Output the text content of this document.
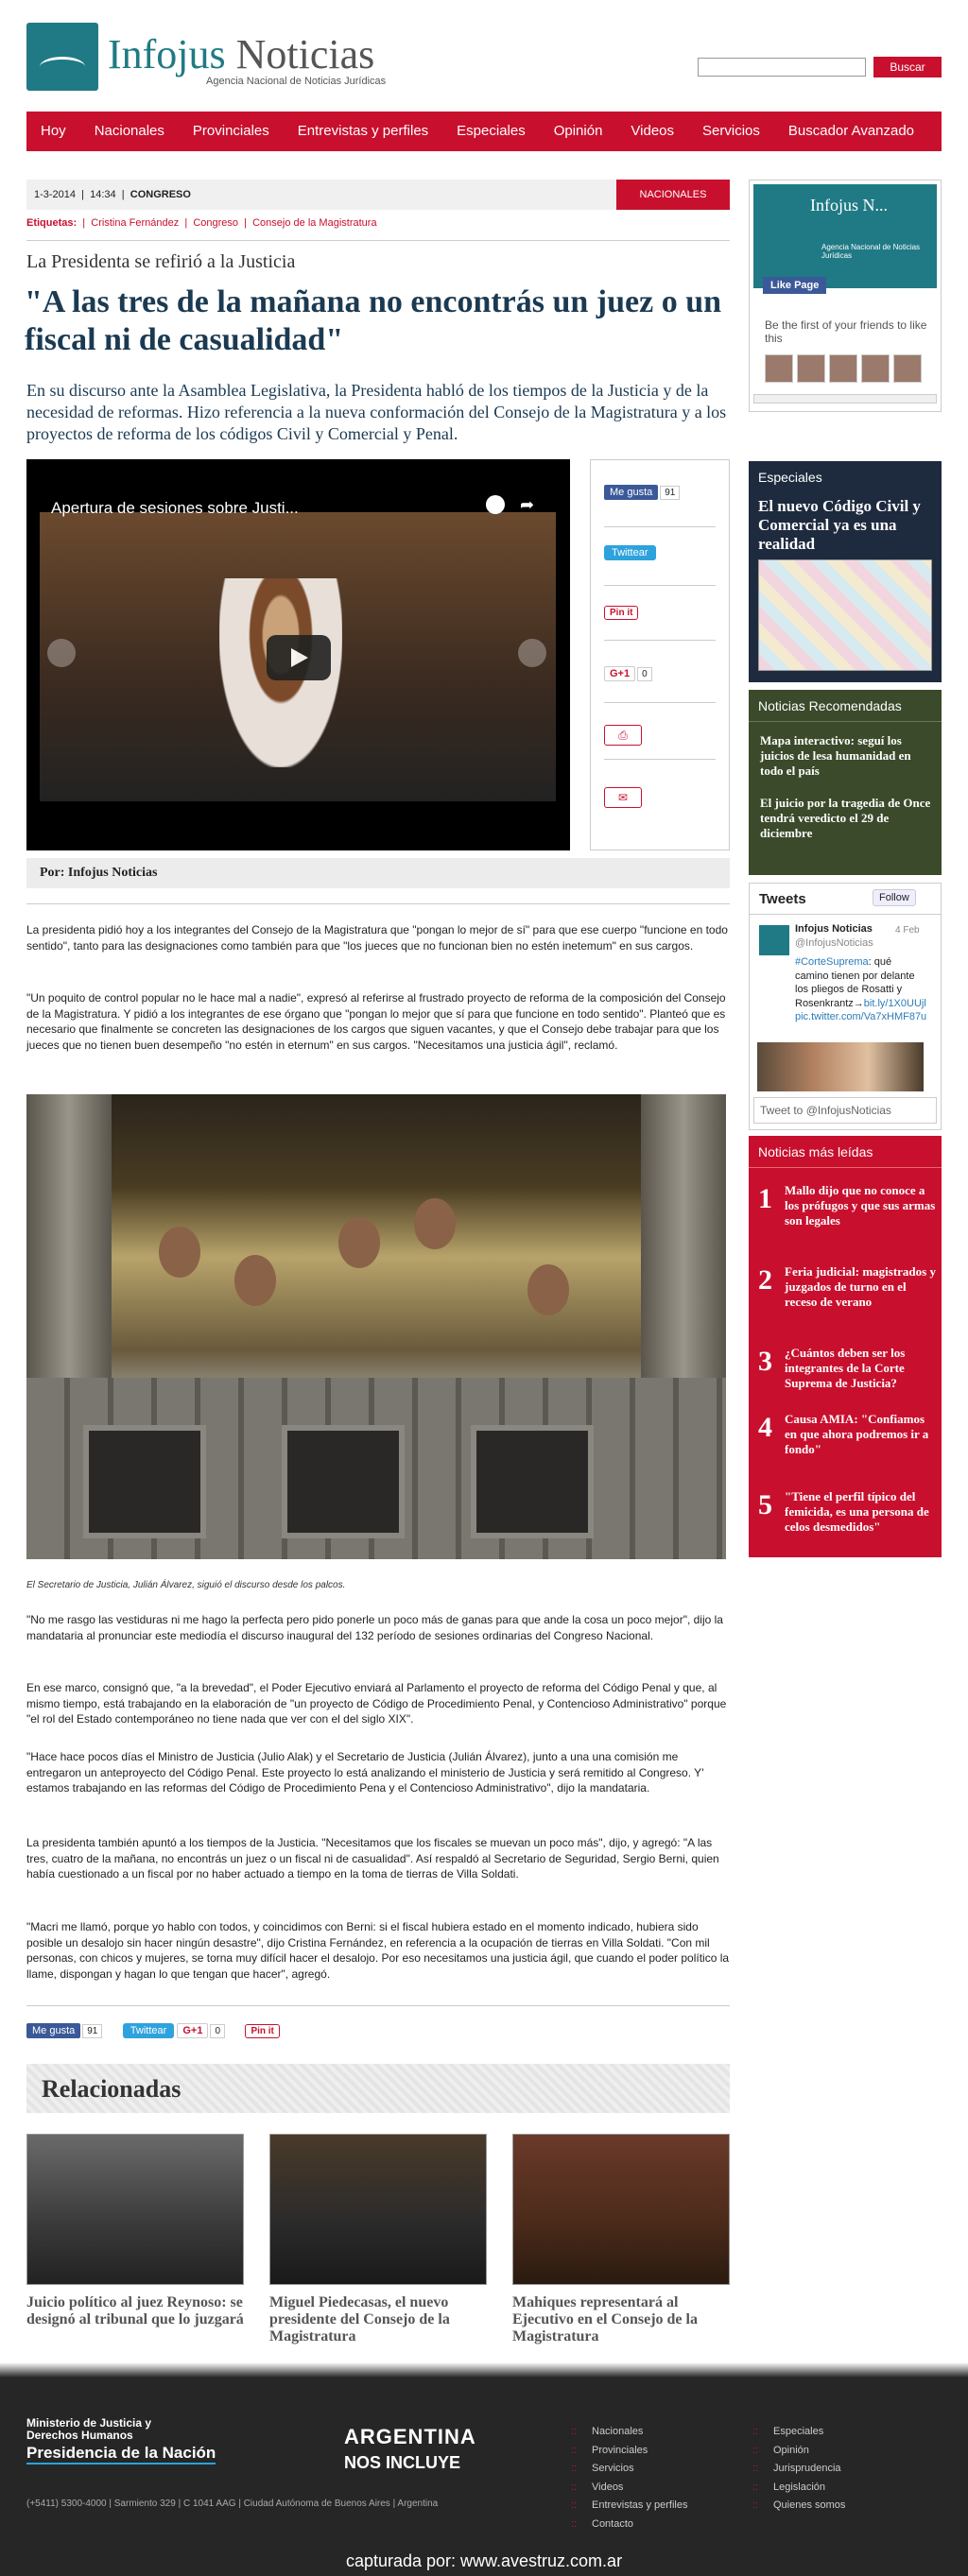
Infojus Noticias
Agencia Nacional de Noticias Jurídicas
Buscar
Hoy	Nacionales	Provinciales	Entrevistas y perfiles	Especiales	Opinión	Videos	Servicios	Buscador Avanzado
1-3-2014  |  14:34  |  CONGRESO	NACIONALES
Etiquetas:  |  Cristina Fernández  |  Congreso  |  Consejo de la Magistratura
La Presidenta se refirió a la Justicia
"A las tres de la mañana no encontrás un juez o un fiscal ni de casualidad"

En su discurso ante la Asamblea Legislativa, la Presidenta habló de los tiempos de la Justicia y de la necesidad de reformas. Hizo referencia a la nueva conformación del Consejo de la Magistratura y a los proyectos de reforma de los códigos Civil y Comercial y Penal.

Apertura de sesiones sobre Justi...	➦
Me gusta 91
Twittear
Pin it
G+1 0
⎙
✉
Por: Infojus Noticias

La presidenta pidió hoy a los integrantes del Consejo de la Magistratura que "pongan lo mejor de sí" para que ese cuerpo "funcione en todo sentido", tanto para las designaciones como también para que "los jueces que no funcionan bien no estén inetemum" en sus cargos.

"Un poquito de control popular no le hace mal a nadie", expresó al referirse al frustrado proyecto de reforma de la composición del Consejo de la Magistratura. Y pidió a los integrantes de ese órgano que "pongan lo mejor que sí para que funcione en todo sentido". Planteó que es necesario que finalmente se concreten las designaciones de los cargos que siguen vacantes, y que el Consejo debe trabajar para que los jueces que no tienen buen desempeño "no estén in eternum" en sus cargos. "Necesitamos una justicia ágil", reclamó.

El Secretario de Justicia, Julián Álvarez, siguió el discurso desde los palcos.

"No me rasgo las vestiduras ni me hago la perfecta pero pido ponerle un poco más de ganas para que ande la cosa un poco mejor", dijo la mandataria al pronunciar este mediodía el discurso inaugural del 132 período de sesiones ordinarias del Congreso Nacional.

En ese marco, consignó que, "a la brevedad", el Poder Ejecutivo enviará al Parlamento el proyecto de reforma del Código Penal y que, al mismo tiempo, está trabajando en la elaboración de "un proyecto de Código de Procedimiento Penal, y Contencioso Administrativo" porque "el rol del Estado contemporáneo no tiene nada que ver con el del siglo XIX".

"Hace hace pocos días el Ministro de Justicia (Julio Alak) y el Secretario de Justicia (Julián Álvarez), junto a una una comisión me entregaron un anteproyecto del Código Penal. Este proyecto lo está analizando el ministerio de Justicia y será remitido al Congreso. Y' estamos trabajando en las reformas del Código de Procedimiento Pena y el Contencioso Administrativo", dijo la mandataria.

La presidenta también apuntó a los tiempos de la Justicia. "Necesitamos que los fiscales se muevan un poco más", dijo, y agregó: "A las tres, cuatro de la mañana, no encontrás un juez o un fiscal ni de casualidad". Así respaldó al Secretario de Seguridad, Sergio Berni, quien había cuestionado a un fiscal por no haber actuado a tiempo en la toma de tierras de Villa Soldati.

"Macri me llamó, porque yo hablo con todos, y coincidimos con Berni: si el fiscal hubiera estado en el momento indicado, hubiera sido posible un desalojo sin hacer ningún desastre", dijo Cristina Fernández, en referencia a la ocupación de tierras en Villa Soldati. "Con mil personas, con chicos y mujeres, se torna muy difícil hacer el desalojo. Por eso necesitamos una justicia ágil, que cuando el poder político la llame, dispongan y hagan lo que tengan que hacer", agregó.

Me gusta 91	Twittear G+1 0	Pin it
Relacionadas
Juicio político al juez Reynoso: se designó al tribunal que lo juzgará
Miguel Piedecasas, el nuevo presidente del Consejo de la Magistratura
Mahiques representará al Ejecutivo en el Consejo de la Magistratura
Infojus N...
Agencia Nacional de Noticias Jurídicas
Like Page
Be the first of your friends to like this
Especiales
El nuevo Código Civil y Comercial ya es una realidad
Noticias Recomendadas
Mapa interactivo: seguí los juicios de lesa humanidad en todo el país
El juicio por la tragedia de Once tendrá veredicto el 29 de diciembre
Tweets	Follow
Infojus Noticias
@InfojusNoticias
4 Feb
#CorteSuprema: qué camino tienen por delante los pliegos de Rosatti y Rosenkrantz→bit.ly/1X0UUjl pic.twitter.com/Va7xHMF87u
Tweet to @InfojusNoticias
Noticias más leídas
1 Mallo dijo que no conoce a los prófugos y que sus armas son legales
2 Feria judicial: magistrados y juzgados de turno en el receso de verano
3 ¿Cuántos deben ser los integrantes de la Corte Suprema de Justicia?
4 Causa AMIA: "Confiamos en que ahora podremos ir a fondo"
5 "Tiene el perfil típico del femicida, es una persona de celos desmedidos"
Ministerio de Justicia y Derechos Humanos
Presidencia de la Nación
ARGENTINA
NOS INCLUYE
(+5411) 5300-4000 | Sarmiento 329 | C 1041 AAG | Ciudad Autónoma de Buenos Aires | Argentina
:: Nacionales
:: Provinciales
:: Servicios
:: Videos
:: Entrevistas y perfiles
:: Contacto
:: Especiales
:: Opinión
:: Jurisprudencia
:: Legislación
:: Quienes somos
capturada por: www.avestruz.com.ar
